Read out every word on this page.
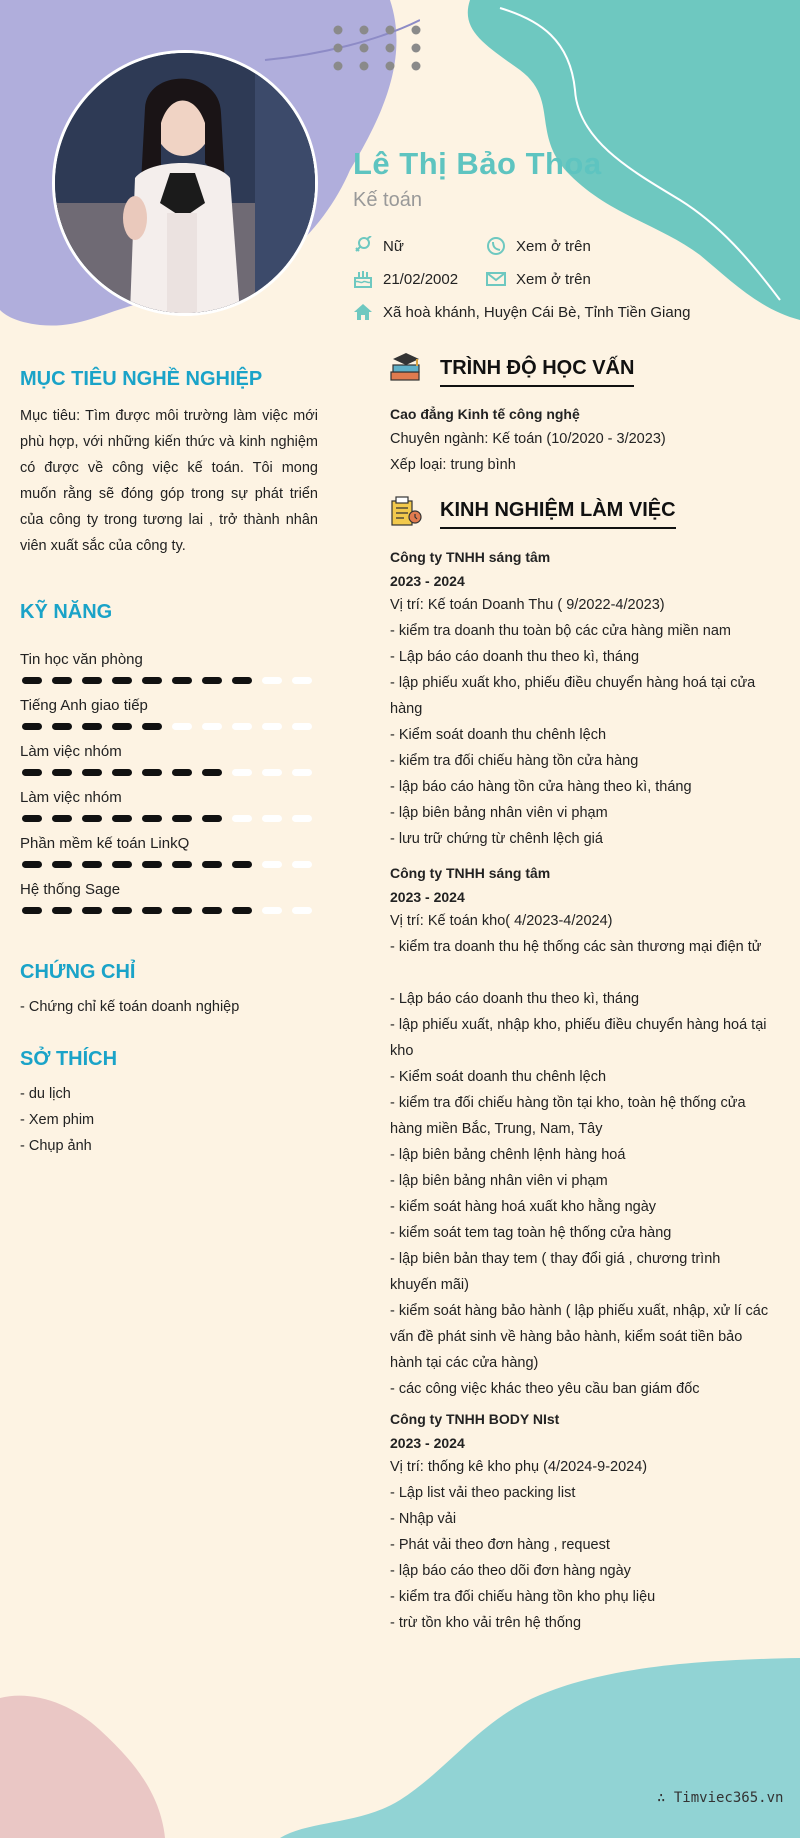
Lê Thị Bảo Thoa
Kế toán
Nữ	Xem ở trên
21/02/2002	Xem ở trên
Xã hoà khánh, Huyện Cái Bè, Tỉnh Tiền Giang
MỤC TIÊU NGHỀ NGHIỆP
Mục tiêu: Tìm được môi trường làm việc mới phù hợp, với những kiến thức và kinh nghiệm có được về công việc kế toán. Tôi mong muốn rằng sẽ đóng góp trong sự phát triển của công ty trong tương lai , trở thành nhân viên xuất sắc của công ty.
KỸ NĂNG
Tin học văn phòng
Tiếng Anh giao tiếp
Làm việc nhóm
Làm việc nhóm
Phần mềm kế toán LinkQ
Hệ thống Sage
CHỨNG CHỈ
- Chứng chỉ kế toán doanh nghiệp
SỞ THÍCH
- du lịch
- Xem phim
- Chụp ảnh
TRÌNH ĐỘ HỌC VẤN
Cao đẳng Kinh tế công nghệ
Chuyên ngành: Kế toán (10/2020 - 3/2023)
Xếp loại: trung bình
KINH NGHIỆM LÀM VIỆC
Công ty TNHH sáng tâm
2023 - 2024
Vị trí: Kế toán Doanh Thu ( 9/2022-4/2023)
- kiểm tra doanh thu toàn bộ các cửa hàng miền nam
- Lập báo cáo doanh thu theo kì, tháng
- lập phiếu xuất kho, phiếu điều chuyển hàng hoá tại cửa hàng
- Kiểm soát doanh thu chênh lệch
- kiểm tra đối chiếu hàng tồn cửa hàng
- lập báo cáo hàng tồn cửa hàng theo kì, tháng
- lập biên bảng nhân viên vi phạm
- lưu trữ chứng từ chênh lệch giá
Công ty TNHH sáng tâm
2023 - 2024
Vị trí: Kế toán kho( 4/2023-4/2024)
- kiểm tra doanh thu hệ thống các sàn thương mại điện tử
- Lập báo cáo doanh thu theo kì, tháng
- lập phiếu xuất, nhập kho, phiếu điều chuyển hàng hoá tại kho
- Kiểm soát doanh thu chênh lệch
- kiểm tra đối chiếu hàng tồn tại kho, toàn hệ thống cửa hàng miền Bắc, Trung, Nam, Tây
- lập biên bảng chênh lệnh hàng hoá
- lập biên bảng nhân viên vi phạm
- kiểm soát hàng hoá xuất kho hằng ngày
- kiểm soát tem tag toàn hệ thống cửa hàng
- lập biên bản thay tem ( thay đổi giá , chương trình khuyến mãi)
- kiểm soát hàng bảo hành ( lập phiếu xuất, nhập, xử lí các vấn đề phát sinh về hàng bảo hành, kiểm soát tiền bảo hành tại các cửa hàng)
- các công việc khác theo yêu cầu ban giám đốc
Công ty TNHH BODY NIst
2023 - 2024
Vị trí: thống kê kho phụ (4/2024-9-2024)
- Lập list vải theo packing list
- Nhập vải
- Phát vải theo đơn hàng , request
- lập báo cáo theo dõi đơn hàng ngày
- kiểm tra đối chiếu hàng tồn kho phụ liệu
- trừ tồn kho vải trên hệ thống
∴ Timviec365.vn
